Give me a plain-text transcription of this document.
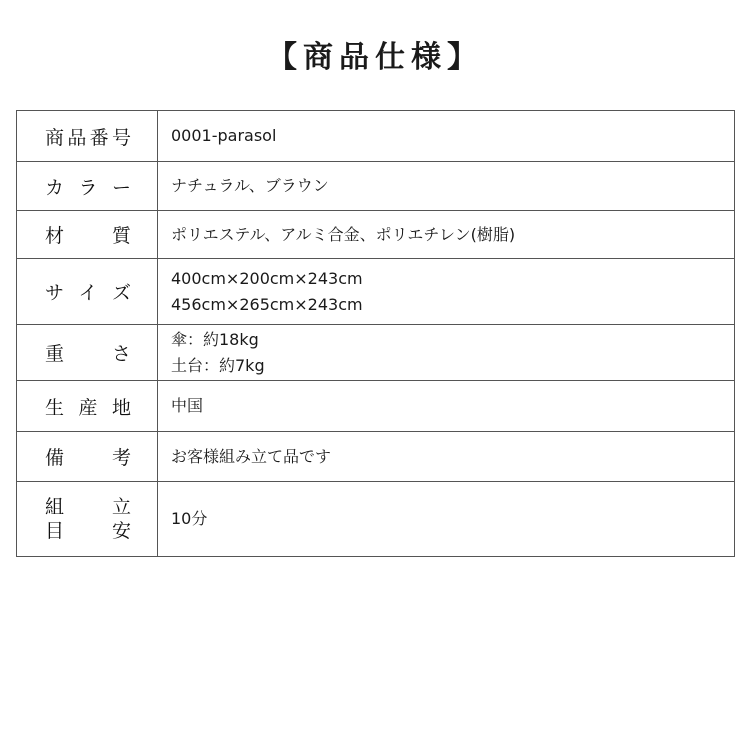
【商品仕様】
商 品 番 号	0001-parasol

カ ラ ー	ナチュラル、ブラウン

材 質	ポリエステル、アルミ合金、ポリエチレン(樹脂)

サ イ ズ	400cm×200cm×243cm
456cm×265cm×243cm

重 さ	傘：約18kg
土台：約7kg

生 産 地	中国

備 考	お客様組み立て品です

組 立
目 安	10分
